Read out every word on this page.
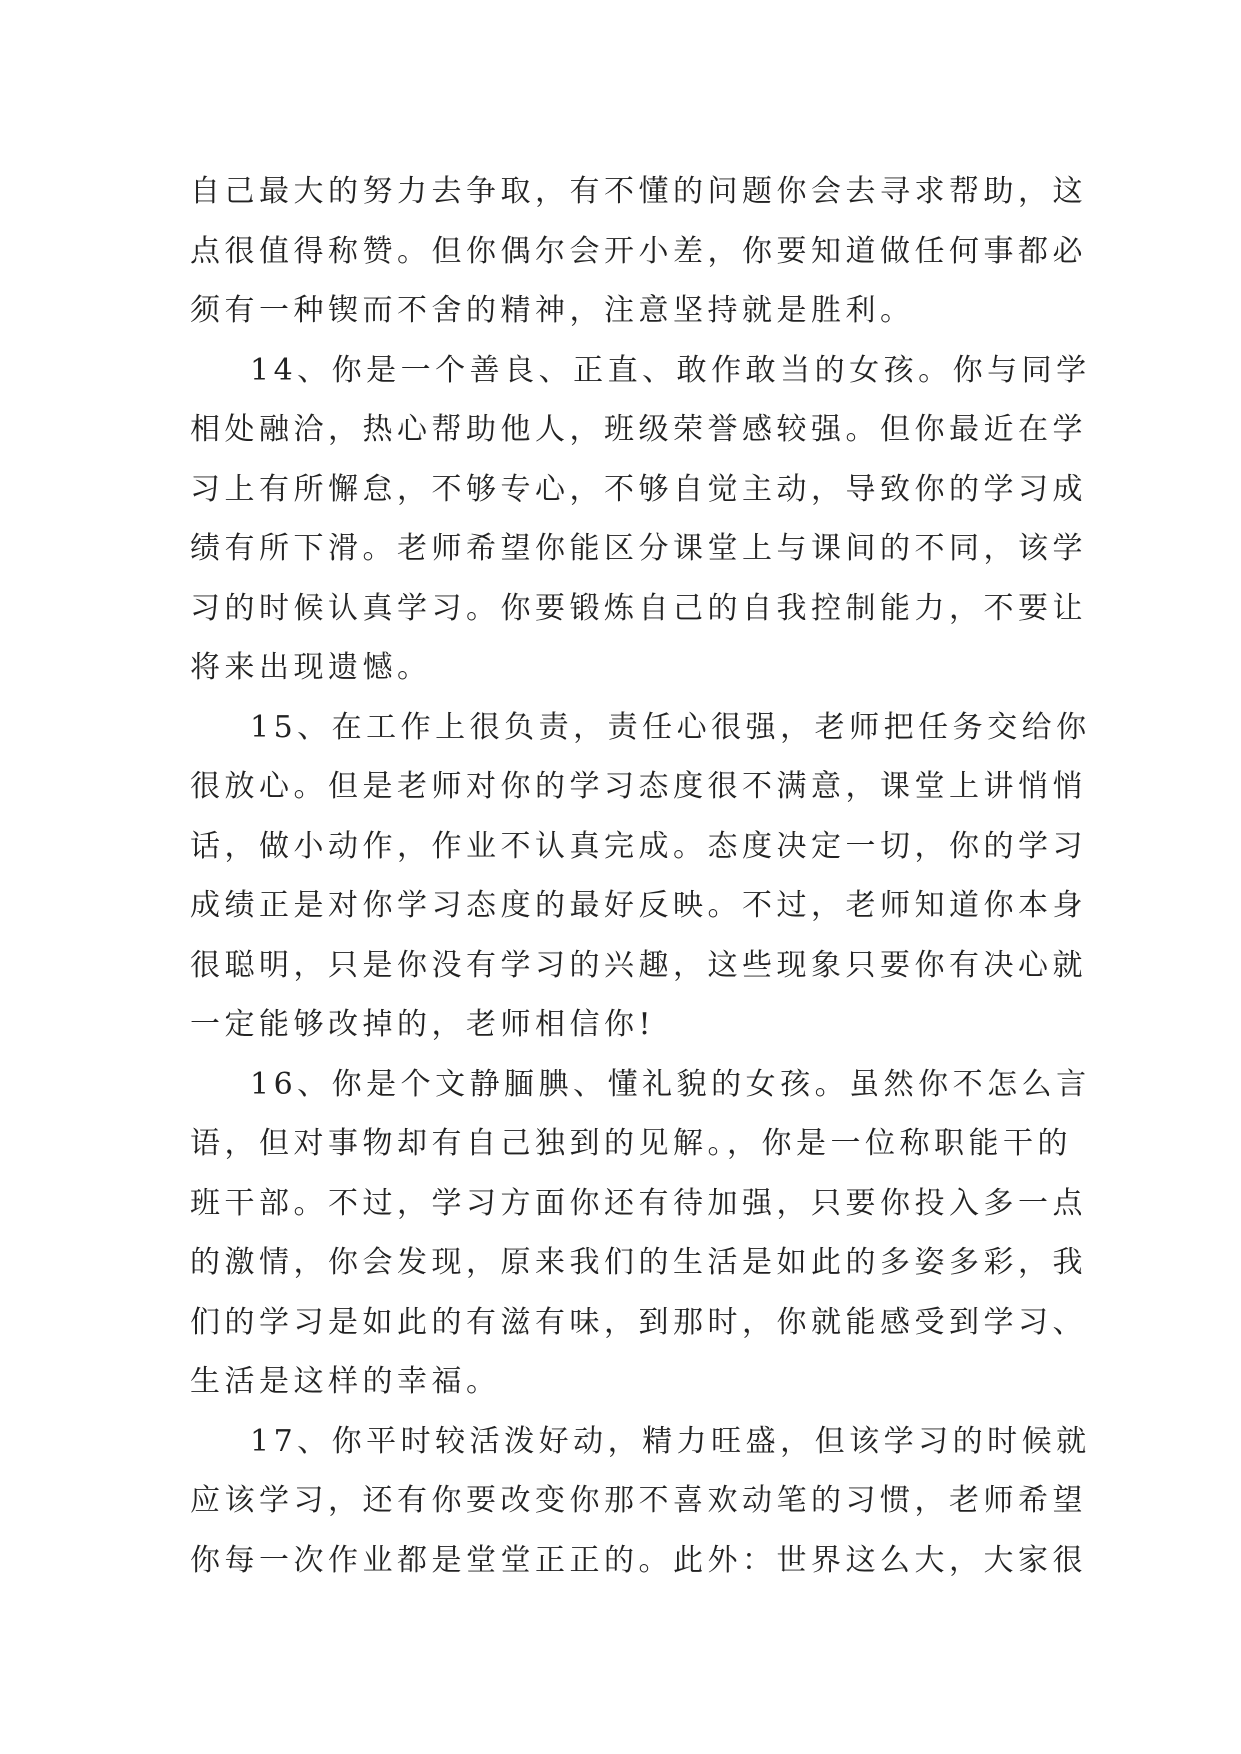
自己最大的努力去争取，有不懂的问题你会去寻求帮助，这

点很值得称赞。但你偶尔会开小差，你要知道做任何事都必

须有一种锲而不舍的精神，注意坚持就是胜利。

14、你是一个善良、正直、敢作敢当的女孩。你与同学

相处融洽，热心帮助他人，班级荣誉感较强。但你最近在学

习上有所懈怠，不够专心，不够自觉主动，导致你的学习成

绩有所下滑。老师希望你能区分课堂上与课间的不同，该学

习的时候认真学习。你要锻炼自己的自我控制能力，不要让

将来出现遗憾。

15、在工作上很负责，责任心很强，老师把任务交给你

很放心。但是老师对你的学习态度很不满意，课堂上讲悄悄

话，做小动作，作业不认真完成。态度决定一切，你的学习

成绩正是对你学习态度的最好反映。不过，老师知道你本身

很聪明，只是你没有学习的兴趣，这些现象只要你有决心就

一定能够改掉的，老师相信你!

16、你是个文静腼腆、懂礼貌的女孩。虽然你不怎么言

语，但对事物却有自己独到的见解。，你是一位称职能干的

班干部。不过，学习方面你还有待加强，只要你投入多一点

的激情，你会发现，原来我们的生活是如此的多姿多彩，我

们的学习是如此的有滋有味，到那时，你就能感受到学习、

生活是这样的幸福。

17、你平时较活泼好动，精力旺盛，但该学习的时候就

应该学习，还有你要改变你那不喜欢动笔的习惯，老师希望

你每一次作业都是堂堂正正的。此外：世界这么大，大家很
